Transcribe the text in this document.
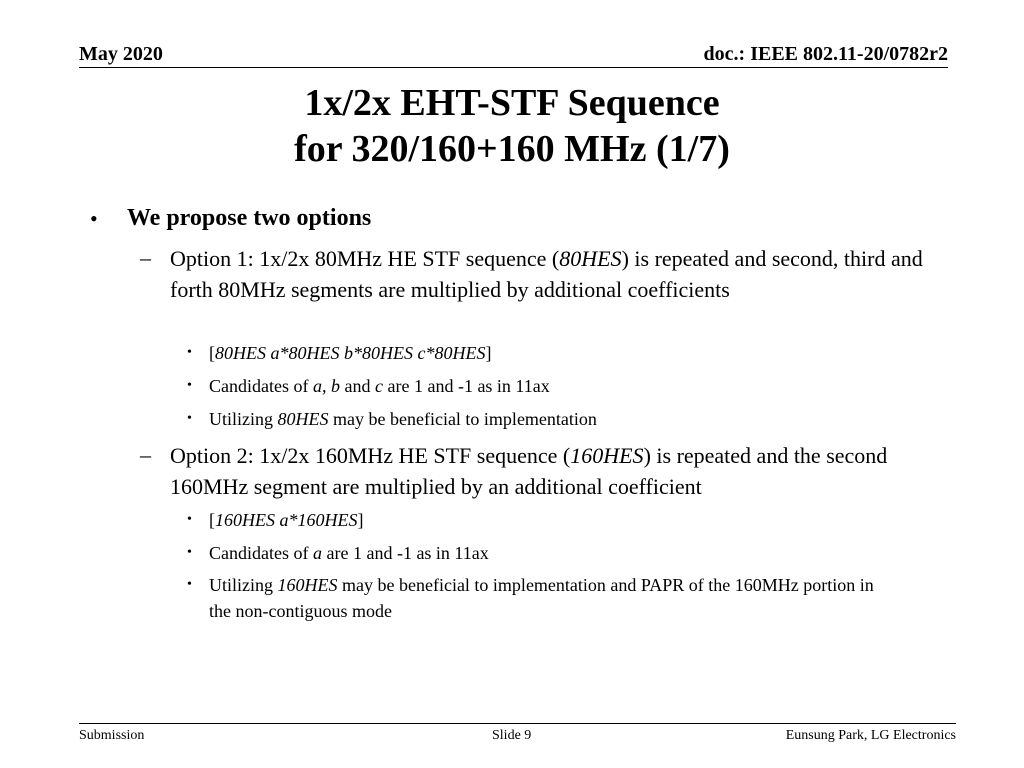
May 2020	doc.: IEEE 802.11-20/0782r2
1x/2x EHT-STF Sequence
for 320/160+160 MHz (1/7)
• We propose two options
– Option 1: 1x/2x 80MHz HE STF sequence (80HES) is repeated and second, third and forth 80MHz segments are multiplied by additional coefficients
• [80HES a*80HES b*80HES c*80HES]
• Candidates of a, b and c are 1 and -1 as in 11ax
• Utilizing 80HES may be beneficial to implementation
– Option 2: 1x/2x 160MHz HE STF sequence (160HES) is repeated and the second 160MHz segment are multiplied by an additional coefficient
• [160HES a*160HES]
• Candidates of a are 1 and -1 as in 11ax
• Utilizing 160HES may be beneficial to implementation and PAPR of the 160MHz portion in the non-contiguous mode
Submission	Slide 9	Eunsung Park, LG Electronics
